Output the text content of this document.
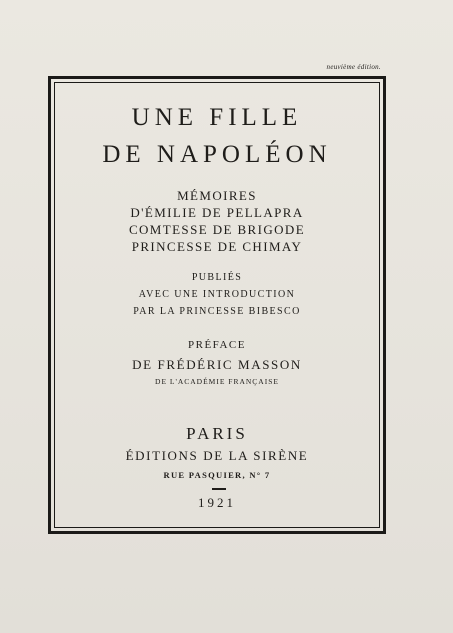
neuvième édition.
UNE FILLE
DE NAPOLÉON
MÉMOIRES
D'ÉMILIE DE PELLAPRA
COMTESSE DE BRIGODE
PRINCESSE DE CHIMAY
PUBLIÉS
AVEC UNE INTRODUCTION
PAR LA PRINCESSE BIBESCO
PRÉFACE
DE FRÉDÉRIC MASSON
DE L'ACADÉMIE FRANÇAISE
PARIS
ÉDITIONS DE LA SIRÈNE
RUE PASQUIER, N° 7
1921
